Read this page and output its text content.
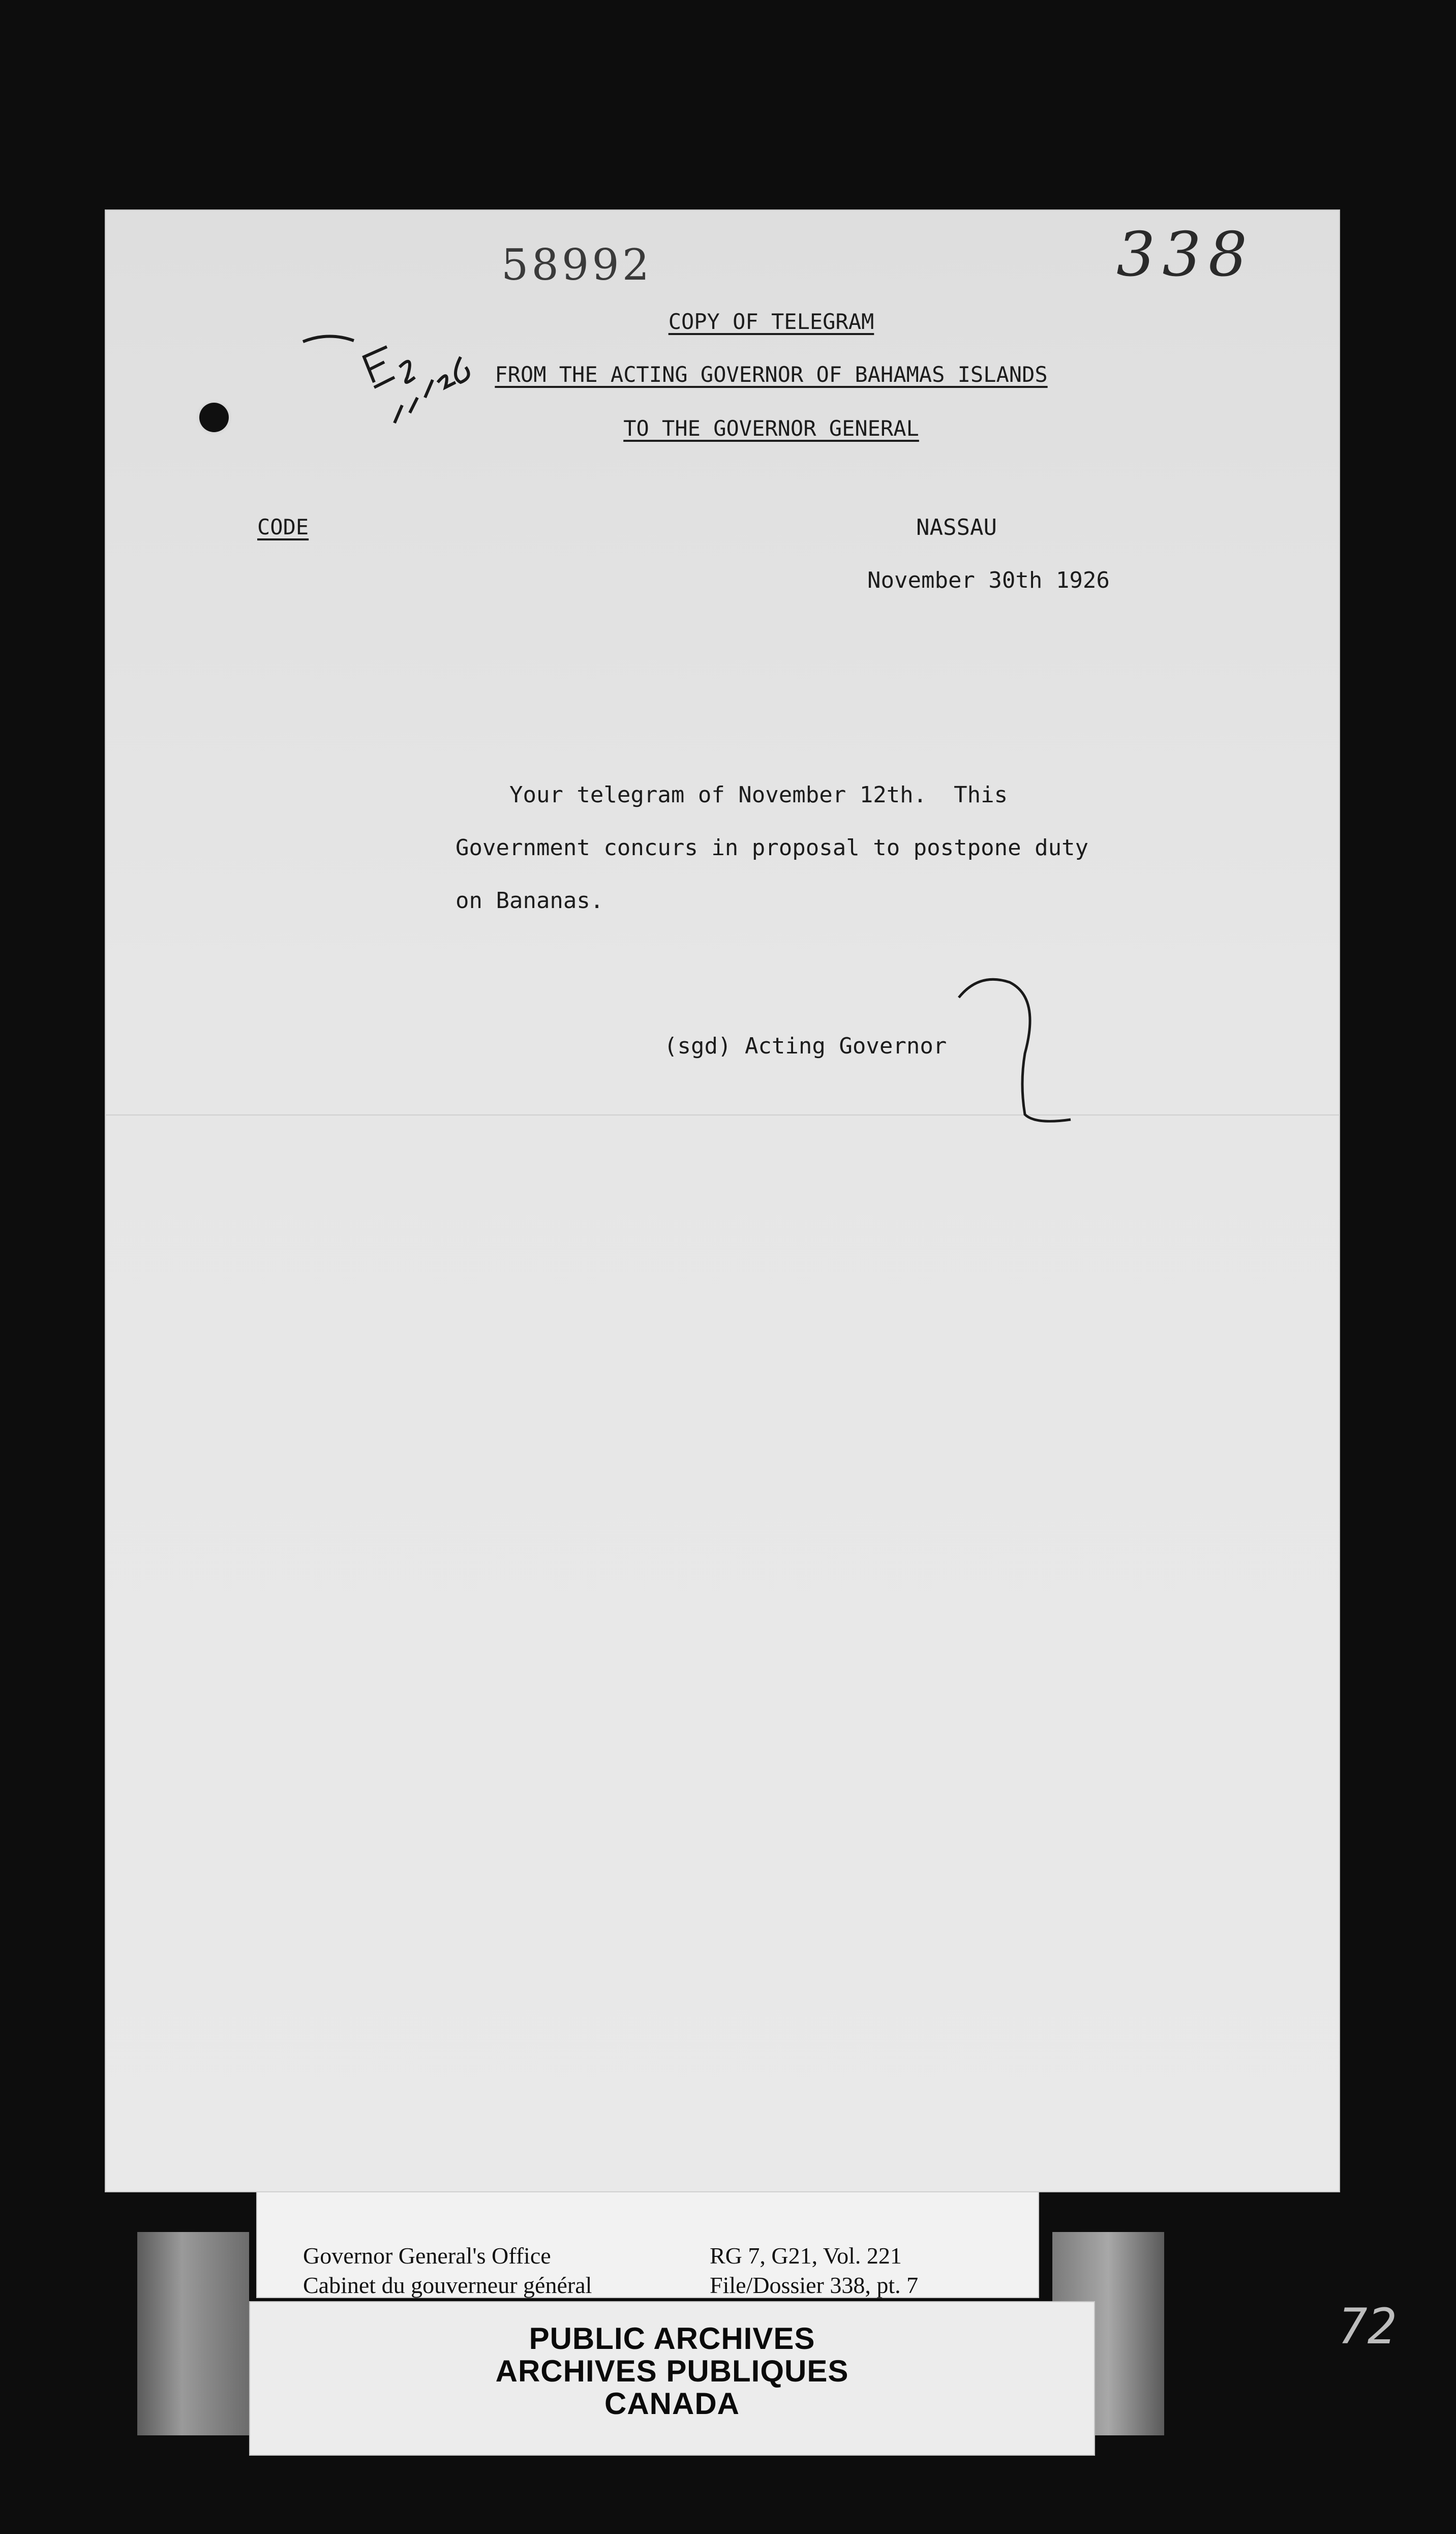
58992	338
COPY OF TELEGRAM
FROM THE ACTING GOVERNOR OF BAHAMAS ISLANDS
TO THE GOVERNOR GENERAL
CODE	NASSAU
November 30th 1926
Your telegram of November 12th.  This
Government concurs in proposal to postpone duty
on Bananas.
(sgd) Acting Governor
Governor General's Office
Cabinet du gouverneur général
RG 7, G21, Vol. 221
File/Dossier 338, pt. 7
PUBLIC ARCHIVES
ARCHIVES PUBLIQUES
CANADA
72
